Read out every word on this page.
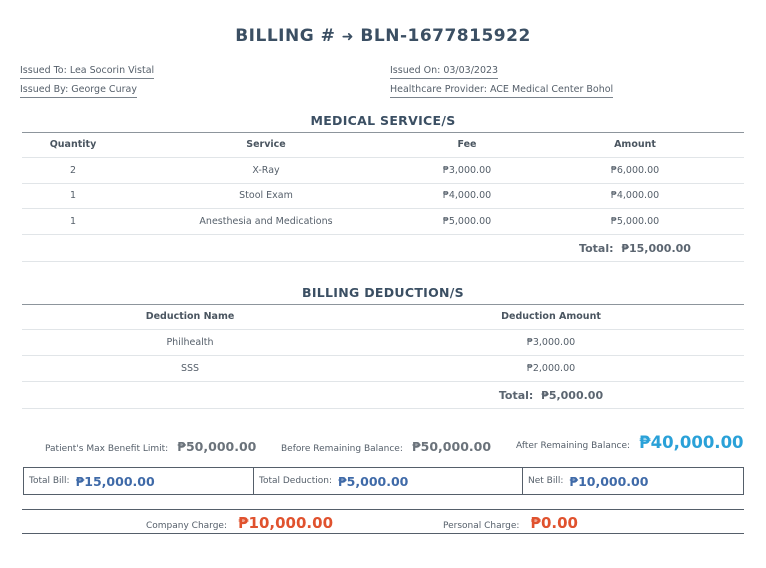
BILLING # ➜ BLN-1677815922
Issued To: Lea Socorin Vistal
Issued By: George Curay
Issued On: 03/03/2023
Healthcare Provider: ACE Medical Center Bohol
MEDICAL SERVICE/S
Quantity	Service	Fee	Amount
2	X-Ray	₱3,000.00	₱6,000.00
1	Stool Exam	₱4,000.00	₱4,000.00
1	Anesthesia and Medications	₱5,000.00	₱5,000.00
Total: ₱15,000.00
BILLING DEDUCTION/S
Deduction Name	Deduction Amount
Philhealth	₱3,000.00
SSS	₱2,000.00
Total: ₱5,000.00
Patient's Max Benefit Limit: ₱50,000.00	Before Remaining Balance: ₱50,000.00	After Remaining Balance: ₱40,000.00
Total Bill: ₱15,000.00	Total Deduction: ₱5,000.00	Net Bill: ₱10,000.00
Company Charge: ₱10,000.00	Personal Charge: ₱0.00
